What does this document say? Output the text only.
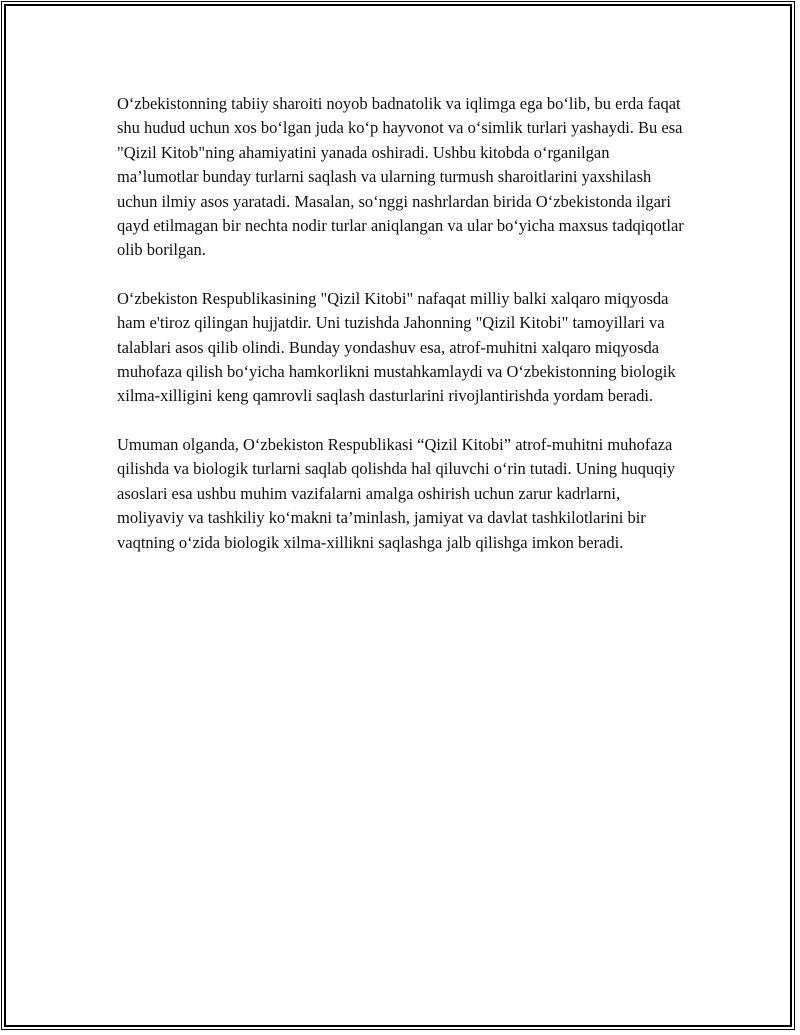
O‘zbekistonning tabiiy sharoiti noyob badnatolik va iqlimga ega bo‘lib, bu erda faqat shu hudud uchun xos bo‘lgan juda ko‘p hayvonot va o‘simlik turlari yashaydi. Bu esa "Qizil Kitob"ning ahamiyatini yanada oshiradi. Ushbu kitobda o‘rganilgan ma’lumotlar bunday turlarni saqlash va ularning turmush sharoitlarini yaxshilash uchun ilmiy asos yaratadi. Masalan, so‘nggi nashrlardan birida O‘zbekistonda ilgari qayd etilmagan bir nechta nodir turlar aniqlangan va ular bo‘yicha maxsus tadqiqotlar olib borilgan.

O‘zbekiston Respublikasining "Qizil Kitobi" nafaqat milliy balki xalqaro miqyosda ham e'tiroz qilingan hujjatdir. Uni tuzishda Jahonning "Qizil Kitobi" tamoyillari va talablari asos qilib olindi. Bunday yondashuv esa, atrof-muhitni xalqaro miqyosda muhofaza qilish bo‘yicha hamkorlikni mustahkamlaydi va O‘zbekistonning biologik xilma-xilligini keng qamrovli saqlash dasturlarini rivojlantirishda yordam beradi.

Umuman olganda, O‘zbekiston Respublikasi “Qizil Kitobi” atrof-muhitni muhofaza qilishda va biologik turlarni saqlab qolishda hal qiluvchi o‘rin tutadi. Uning huquqiy asoslari esa ushbu muhim vazifalarni amalga oshirish uchun zarur kadrlarni, moliyaviy va tashkiliy ko‘makni ta’minlash, jamiyat va davlat tashkilotlarini bir vaqtning o‘zida biologik xilma-xillikni saqlashga jalb qilishga imkon beradi.
